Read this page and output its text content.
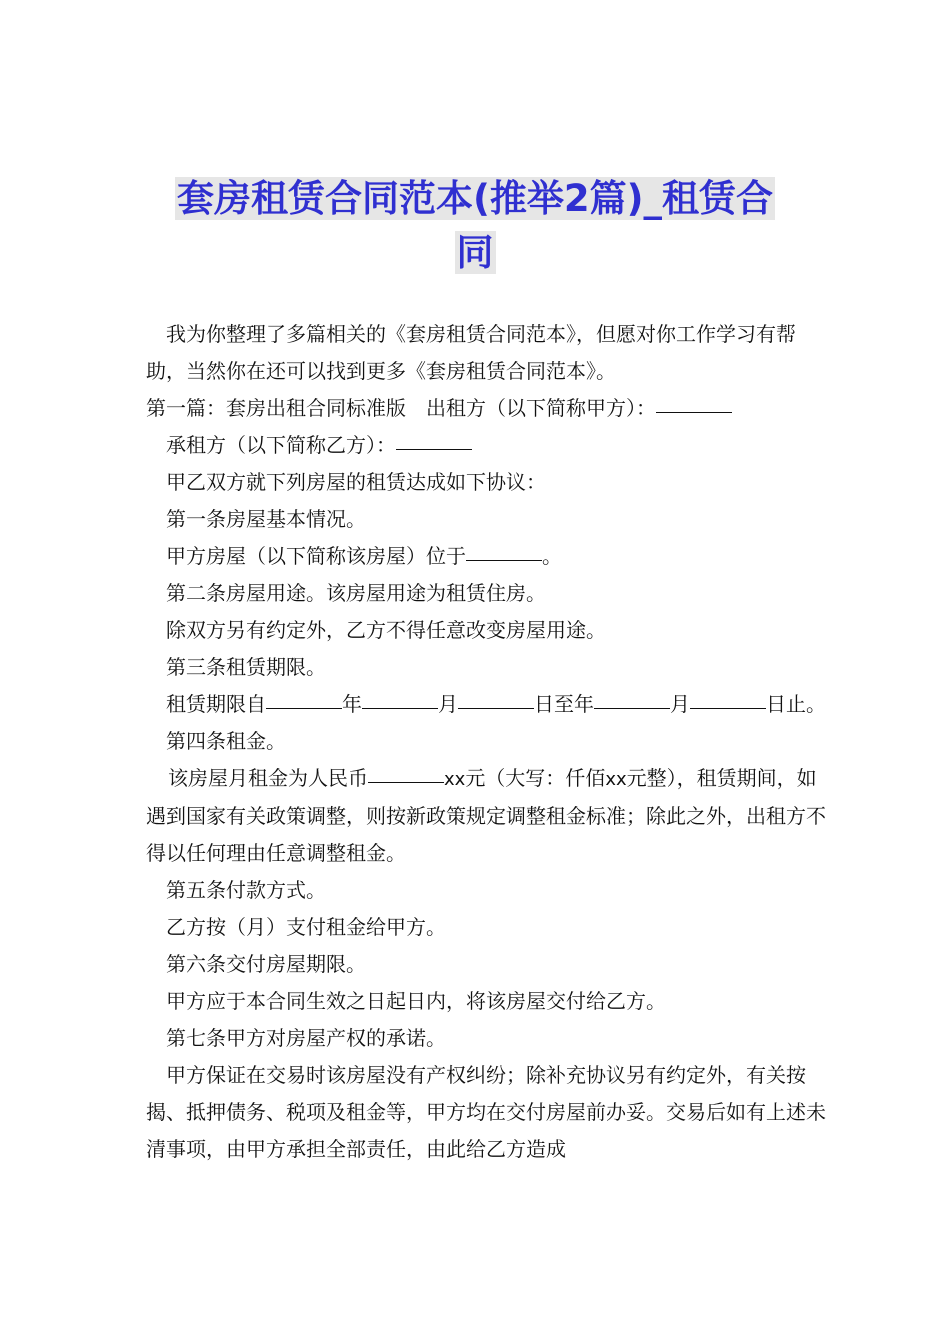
套房租赁合同范本(推举2篇)_租赁合
同

我为你整理了多篇相关的《套房租赁合同范本》，但愿对你工作学习有帮助，当然你在还可以找到更多《套房租赁合同范本》。

第一篇：套房出租合同标准版　出租方（以下简称甲方）：

承租方（以下简称乙方）：

甲乙双方就下列房屋的租赁达成如下协议：

第一条房屋基本情况。

甲方房屋（以下简称该房屋）位于	。

第二条房屋用途。该房屋用途为租赁住房。

除双方另有约定外，乙方不得任意改变房屋用途。

第三条租赁期限。

租赁期限自	年	月	日至年	月	日止。

第四条租金。

该房屋月租金为人民币	xx元（大写：仟佰xx元整），租赁期间，如遇到国家有关政策调整，则按新政策规定调整租金标准；除此之外，出租方不得以任何理由任意调整租金。

第五条付款方式。

乙方按（月）支付租金给甲方。

第六条交付房屋期限。

甲方应于本合同生效之日起日内，将该房屋交付给乙方。

第七条甲方对房屋产权的承诺。

甲方保证在交易时该房屋没有产权纠纷；除补充协议另有约定外，有关按揭、抵押债务、税项及租金等，甲方均在交付房屋前办妥。交易后如有上述未清事项，由甲方承担全部责任，由此给乙方造成
